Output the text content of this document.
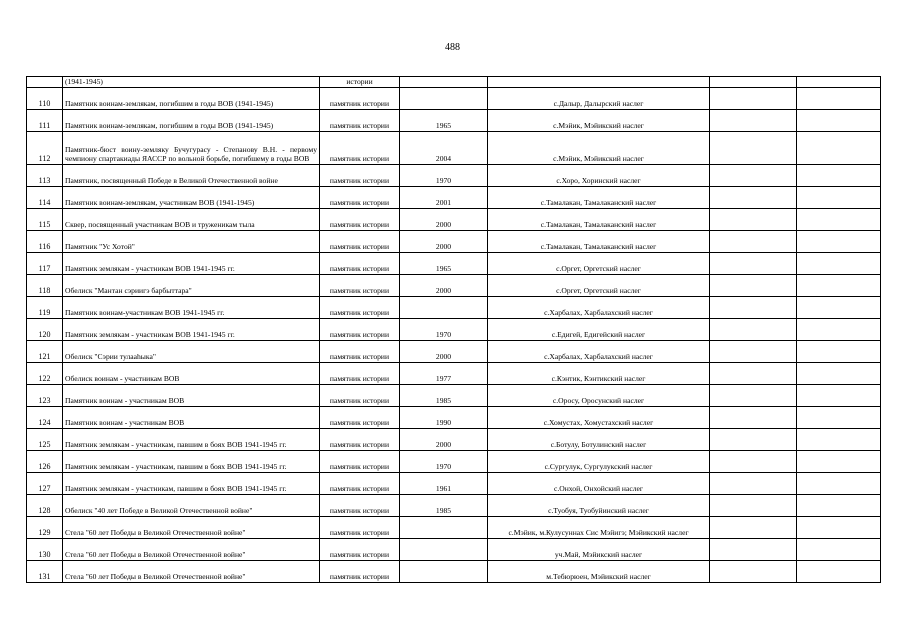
488
	(1941-1945)	истории				
110	Памятник воинам-землякам, погибшим в годы ВОВ (1941-1945)	памятник истории		с.Далыр, Далырский наслег		
111	Памятник воинам-землякам, погибшим в годы ВОВ (1941-1945)	памятник истории	1965	с.Мэйик, Мэйикский наслег		
112	Памятник-бюст воину-земляку Бучугурасу - Степанову В.Н. - первому чемпиону спартакиады ЯАССР по вольной борьбе, погибшему в годы ВОВ	памятник истории	2004	с.Мэйик, Мэйикский наслег		
113	Памятник, посвященный Победе в Великой Отечественной войне	памятник истории	1970	с.Хоро, Хоринский наслег		
114	Памятник воинам-землякам, участникам ВОВ (1941-1945)	памятник истории	2001	с.Тамалакан, Тамалаканский наслег		
115	Сквер, посвященный участникам ВОВ и труженикам тыла	памятник истории	2000	с.Тамалакан, Тамалаканский наслег		
116	Памятник "Ус Хотой"	памятник истории	2000	с.Тамалакан, Тамалаканский наслег		
117	Памятник землякам - участникам ВОВ 1941-1945 гг.	памятник истории	1965	с.Оргет, Оргетский наслег		
118	Обелиск "Мантан сэриигэ барбыттара"	памятник истории	2000	с.Оргет, Оргетский наслег		
119	Памятник воинам-участникам ВОВ 1941-1945 гг.	памятник истории		с.Харбалах, Харбалахский наслег		
120	Памятник землякам - участникам ВОВ 1941-1945 гг.	памятник истории	1970	с.Едигей, Едигейский наслег		
121	Обелиск "Сэрии тулааhыка"	памятник истории	2000	с.Харбалах, Харбалахский наслег		
122	Обелиск воинам - участникам ВОВ	памятник истории	1977	с.Кэнтик, Кэнтикский наслег		
123	Памятник воинам - участникам ВОВ	памятник истории	1985	с.Оросу, Оросунский наслег		
124	Памятник воинам - участникам ВОВ	памятник истории	1990	с.Хомустах, Хомустахский наслег		
125	Памятник землякам - участникам, павшим в боях ВОВ 1941-1945 гг.	памятник истории	2000	с.Ботулу, Ботулинский наслег		
126	Памятник землякам - участникам, павшим в боях ВОВ 1941-1945 гг.	памятник истории	1970	с.Сургулук, Сургулукский наслег		
127	Памятник землякам - участникам, павшим в боях ВОВ 1941-1945 гг.	памятник истории	1961	с.Онхой, Онхойский наслег		
128	Обелиск "40 лет Победе в Великой Отечественной войне"	памятник истории	1985	с.Туобуя, Туобуйинский наслег		
129	Стела "60 лет Победы в Великой Отечественной войне"	памятник истории		с.Мэйик, м.Кулусуннах Сис Мэйигэ; Мэйикский наслег		
130	Стела "60 лет Победы в Великой Отечественной войне"	памятник истории		уч.Май, Мэйикский наслег		
131	Стела "60 лет Победы в Великой Отечественной войне"	памятник истории		м.Тебюрюен, Мэйикский наслег		
